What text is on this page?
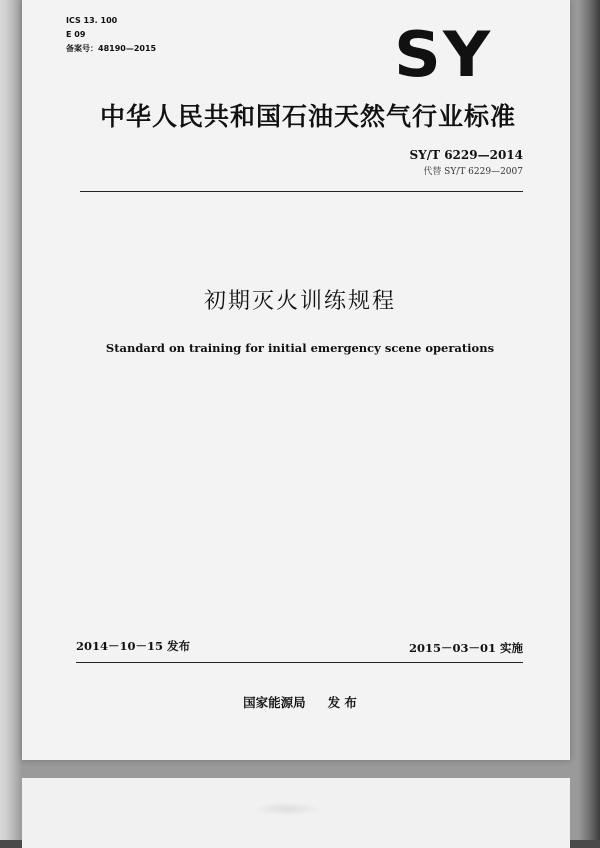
ICS 13. 100
E 09
备案号：48190—2015	SY
中华人民共和国石油天然气行业标准
SY/T 6229—2014
代替 SY/T 6229—2007
初期灭火训练规程
Standard on training for initial emergency scene operations
2014－10－15 发布	2015－03－01 实施
国家能源局 发 布
